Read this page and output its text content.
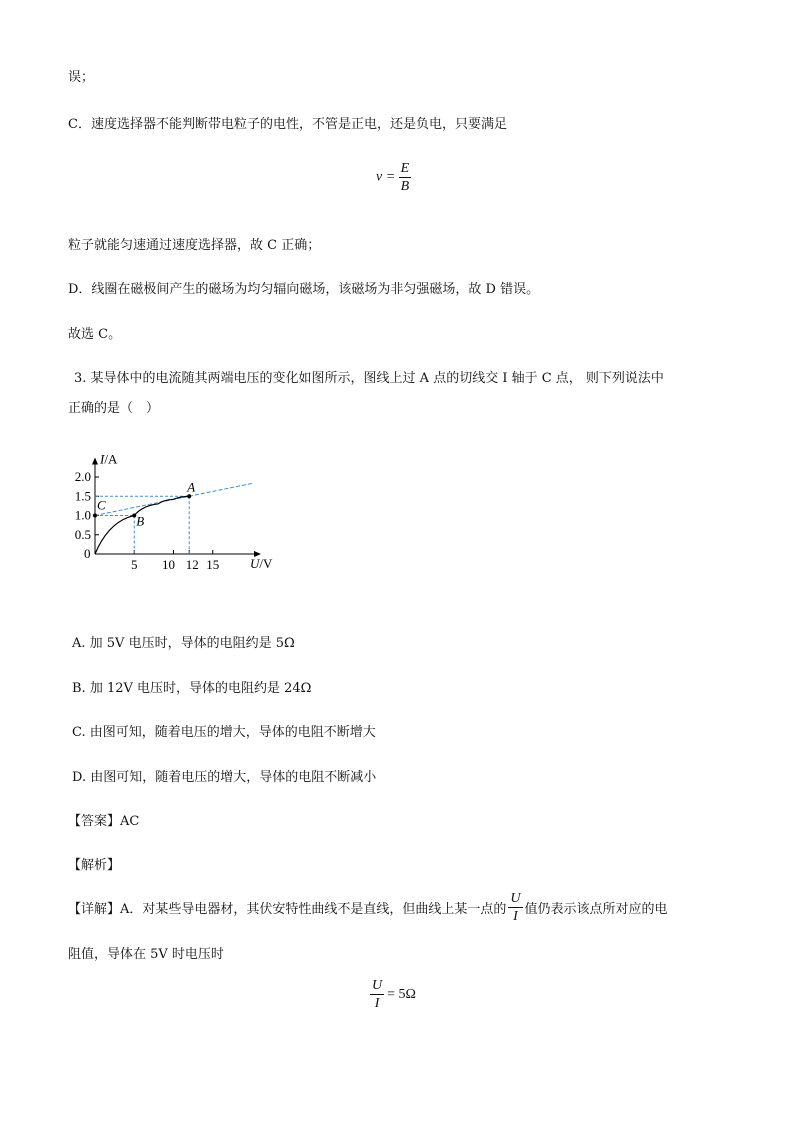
误；
C．速度选择器不能判断带电粒子的电性，不管是正电，还是负电，只要满足
$v = \frac{E}{B}$
粒子就能匀速通过速度选择器，故 C 正确；
D．线圈在磁极间产生的磁场为均匀辐向磁场，该磁场为非匀强磁场，故 D 错误。
故选 C。
3. 某导体中的电流随其两端电压的变化如图所示，图线上过 A 点的切线交 I 轴于 C 点， 则下列说法中
正确的是（　）
I/A
U/V
0
0.5
1.0
1.5
2.0
5 10 12 15
A
B
C
A. 加 5V 电压时，导体的电阻约是 5Ω
B. 加 12V 电压时，导体的电阻约是 24Ω
C. 由图可知，随着电压的增大，导体的电阻不断增大
D. 由图可知，随着电压的增大，导体的电阻不断减小
【答案】AC
【解析】
【详解】 A．对某些导电器材，其伏安特性曲线不是直线，但曲线上某一点的 $\frac{U}{I}$ 值仍表示该点所对应的电
阻值，导体在 5V 时电压时
$\frac{U}{I} = 5\Omega$
